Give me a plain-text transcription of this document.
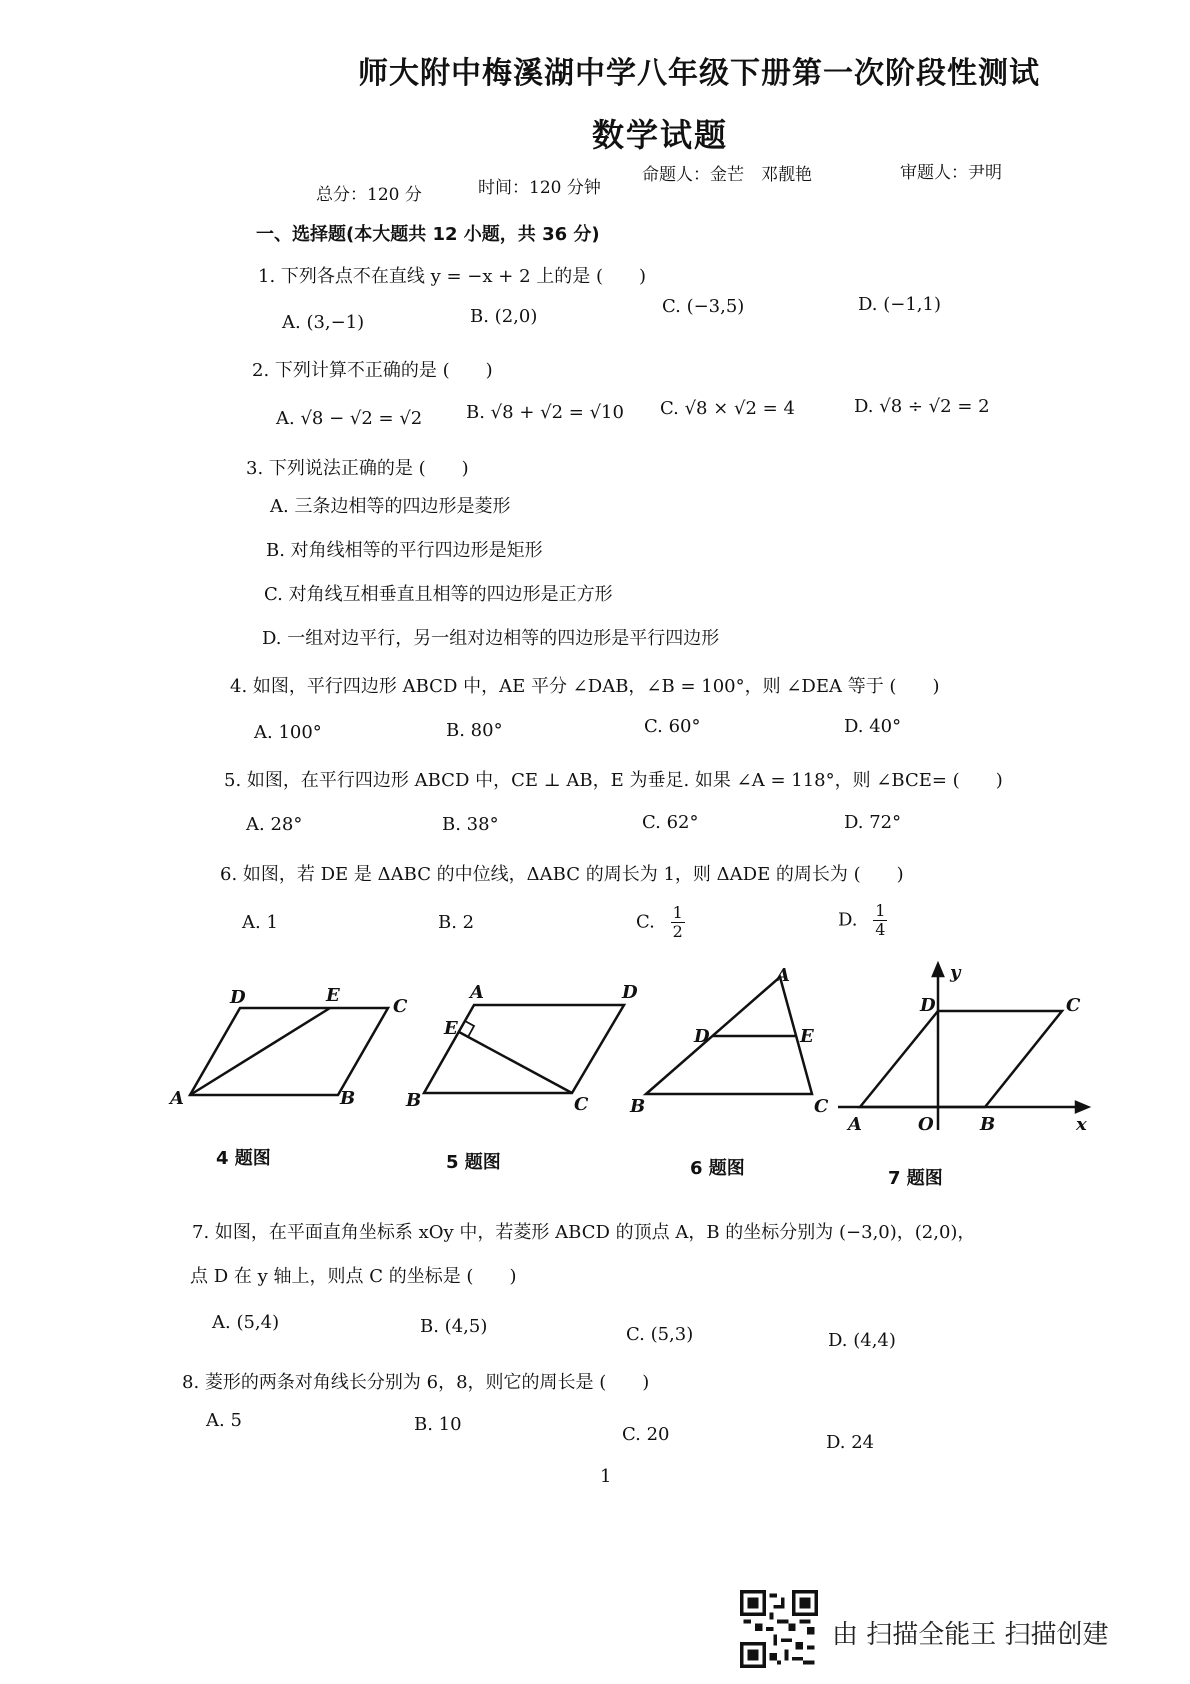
师大附中梅溪湖中学八年级下册第一次阶段性测试
数学试题
总分：120 分	时间：120 分钟
命题人：金芒　邓靓艳	审题人：尹明
一、选择题(本大题共 12 小题，共 36 分)
1. 下列各点不在直线 y = −x + 2 上的是 (　　)
A. (3,−1)	B. (2,0)	C. (−3,5)	D. (−1,1)
2. 下列计算不正确的是 (　　)
A. √8 − √2 = √2 B. √8 + √2 = √10 C. √8 × √2 = 4	D. √8 ÷ √2 = 2
3. 下列说法正确的是 (　　)
A. 三条边相等的四边形是菱形
B. 对角线相等的平行四边形是矩形
C. 对角线互相垂直且相等的四边形是正方形
D. 一组对边平行，另一组对边相等的四边形是平行四边形
4. 如图，平行四边形 ABCD 中，AE 平分 ∠DAB，∠B = 100°，则 ∠DEA 等于 (　　)
A. 100°	B. 80°	C. 60°	D. 40°
5. 如图，在平行四边形 ABCD 中，CE ⊥ AB，E 为垂足. 如果 ∠A = 118°，则 ∠BCE= (　　)
A. 28°	B. 38°	C. 62°	D. 72°
6. 如图，若 DE 是 ΔABC 的中位线，ΔABC 的周长为 1，则 ΔADE 的周长为 (　　)
A. 1	B. 2	C. $\frac{1}{2}$	D. $\frac{1}{4}$
D	E
C
A	B
A	D
E
B	C
A
D	E
B	C
y
D	C
A	O	B	x
4 题图	5 题图	6 题图	7 题图
7. 如图，在平面直角坐标系 xOy 中，若菱形 ABCD 的顶点 A，B 的坐标分别为 (−3,0)，(2,0)，
点 D 在 y 轴上，则点 C 的坐标是 (　　)
A. (5,4)	B. (4,5)	C. (5,3)	D. (4,4)
8. 菱形的两条对角线长分别为 6，8，则它的周长是 (　　)
A. 5	B. 10	C. 20	D. 24
1
由 扫描全能王 扫描创建
